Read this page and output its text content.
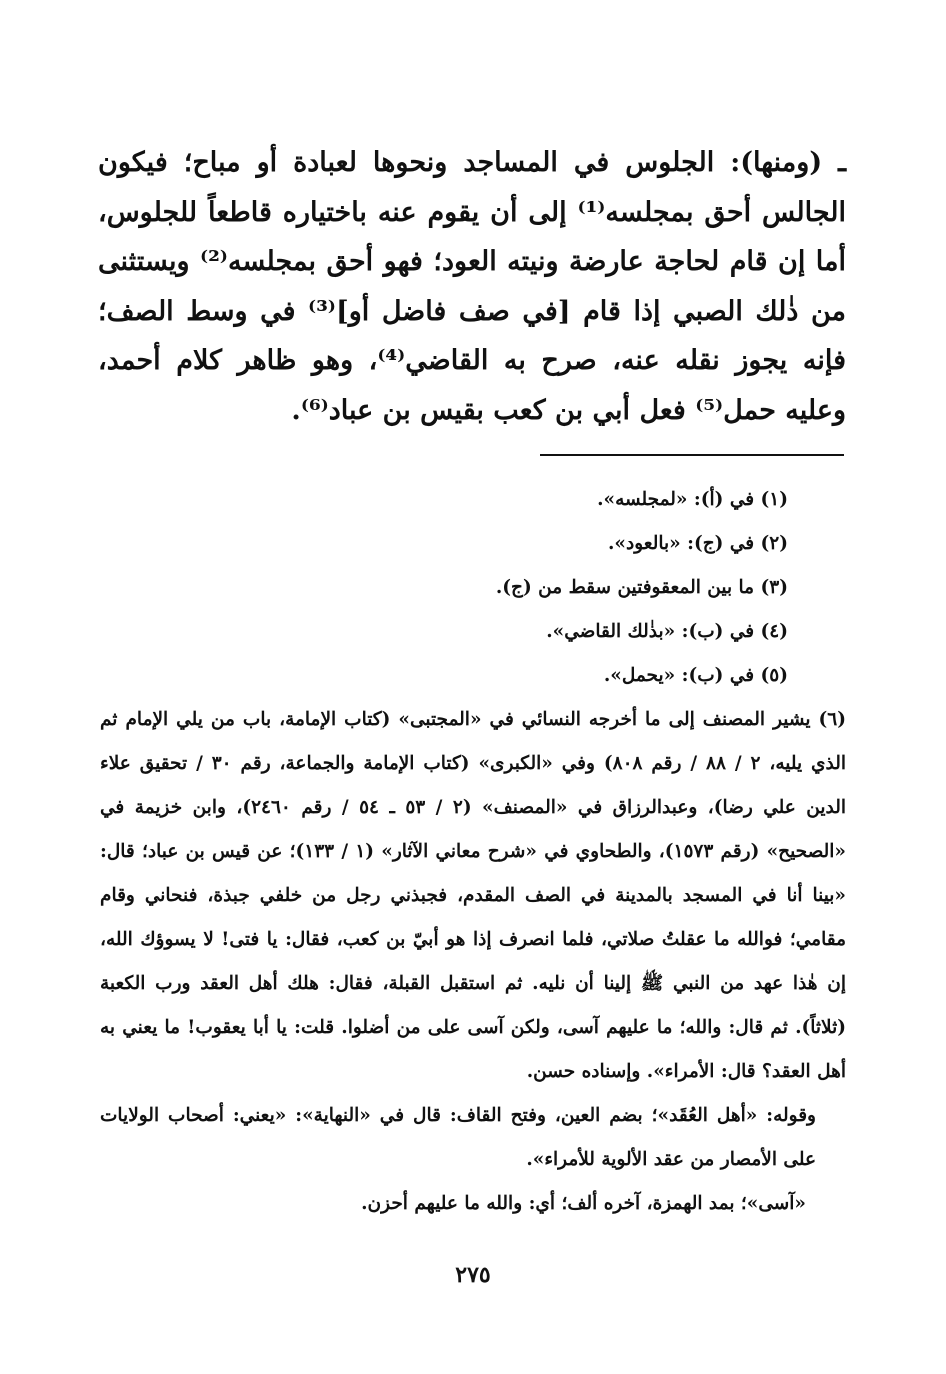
ـ (ومنها): الجلوس في المساجد ونحوها لعبادة أو مباح؛ فيكون الجالس أحق بمجلسه⁽¹⁾ إلى أن يقوم عنه باختياره قاطعاً للجلوس، أما إن قام لحاجة عارضة ونيته العود؛ فهو أحق بمجلسه⁽²⁾ ويستثنى من ذٰلك الصبي إذا قام [في صف فاضل أو]⁽³⁾ في وسط الصف؛ فإنه يجوز نقله عنه، صرح به القاضي⁽⁴⁾، وهو ظاهر كلام أحمد، وعليه حمل⁽⁵⁾ فعل أبي بن كعب بقيس بن عباد⁽⁶⁾.

(١) في (أ): «لمجلسه».

(٢) في (ج): «بالعود».

(٣) ما بين المعقوفتين سقط من (ج).

(٤) في (ب): «بذٰلك القاضي».

(٥) في (ب): «يحمل».

(٦) يشير المصنف إلى ما أخرجه النسائي في «المجتبى» (كتاب الإمامة، باب من يلي الإمام ثم الذي يليه، ٢ / ٨٨ / رقم ٨٠٨) وفي «الكبرى» (كتاب الإمامة والجماعة، رقم ٣٠ / تحقيق علاء الدين علي رضا)، وعبدالرزاق في «المصنف» (٢ / ٥٣ ـ ٥٤ / رقم ٢٤٦٠)، وابن خزيمة في «الصحيح» (رقم ١٥٧٣)، والطحاوي في «شرح معاني الآثار» (١ / ١٣٣)؛ عن قيس بن عباد؛ قال: «بينا أنا في المسجد بالمدينة في الصف المقدم، فجبذني رجل من خلفي جبذة، فنحاني وقام مقامي؛ فوالله ما عقلتُ صلاتي، فلما انصرف إذا هو أبيّ بن كعب، فقال: يا فتى! لا يسوؤك الله، إن هٰذا عهد من النبي ﷺ إلينا أن نليه. ثم استقبل القبلة، فقال: هلك أهل العقد ورب الكعبة (ثلاثاً). ثم قال: والله؛ ما عليهم آسى، ولكن آسى على من أضلوا. قلت: يا أبا يعقوب! ما يعني به أهل العقد؟ قال: الأمراء». وإسناده حسن.

وقوله: «أهل العُقَد»؛ بضم العين، وفتح القاف: قال في «النهاية»: «يعني: أصحاب الولايات على الأمصار من عقد الألوية للأمراء».

«آسى»؛ بمد الهمزة، آخره ألف؛ أي: والله ما عليهم أحزن.

٢٧٥
